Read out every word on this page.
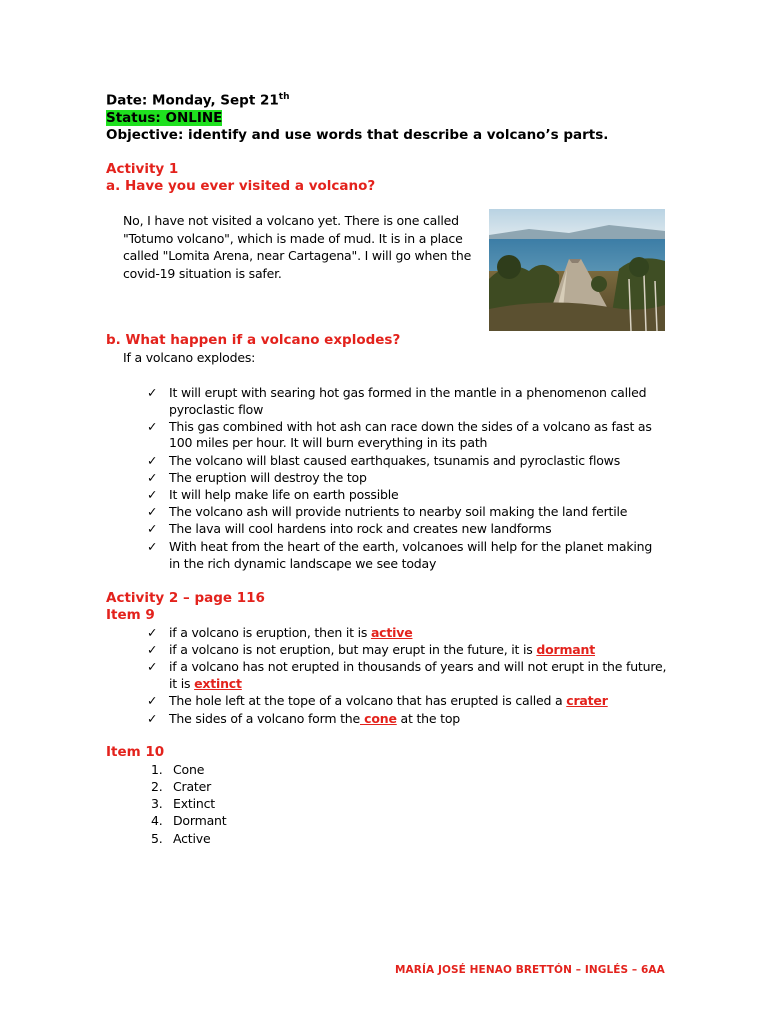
Date: Monday, Sept 21th
Status: ONLINE
Objective: identify and use words that describe a volcano’s parts.
Activity 1
a. Have you ever visited a volcano?
No, I have not visited a volcano yet. There is one called
"Totumo volcano", which is made of mud. It is in a place
called "Lomita Arena, near Cartagena". I will go when the
covid-19 situation is safer.
b. What happen if a volcano explodes?
If a volcano explodes:
✓ It will erupt with searing hot gas formed in the mantle in a phenomenon called
pyroclastic flow
✓ This gas combined with hot ash can race down the sides of a volcano as fast as
100 miles per hour. It will burn everything in its path
✓ The volcano will blast caused earthquakes, tsunamis and pyroclastic flows
✓ The eruption will destroy the top
✓ It will help make life on earth possible
✓ The volcano ash will provide nutrients to nearby soil making the land fertile
✓ The lava will cool hardens into rock and creates new landforms
✓ With heat from the heart of the earth, volcanoes will help for the planet making
in the rich dynamic landscape we see today
Activity 2 – page 116
Item 9
✓ if a volcano is eruption, then it is active
✓ if a volcano is not eruption, but may erupt in the future, it is dormant
✓ if a volcano has not erupted in thousands of years and will not erupt in the future,
it is extinct
✓ The hole left at the tope of a volcano that has erupted is called a crater
✓ The sides of a volcano form the cone at the top
Item 10
1. Cone
2. Crater
3. Extinct
4. Dormant
5. Active
MARÍA JOSÉ HENAO BRETTÓN – INGLÉS – 6AA
